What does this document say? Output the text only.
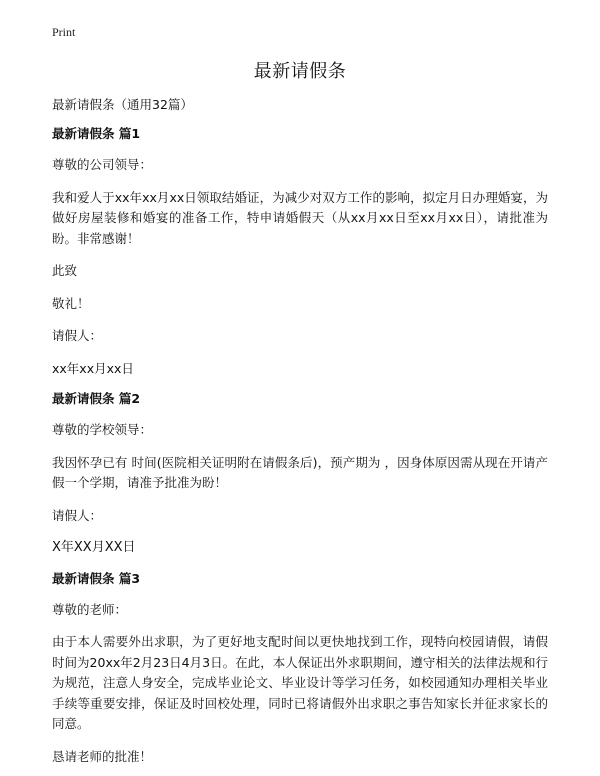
Print

最新请假条

最新请假条（通用32篇）

最新请假条 篇1

尊敬的公司领导：

我和爱人于xx年xx月xx日领取结婚证，为减少对双方工作的影响，拟定月日办理婚宴，为做好房屋装修和婚宴的准备工作，特申请婚假天（从xx月xx日至xx月xx日），请批准为盼。非常感谢！

此致

敬礼！

请假人：

xx年xx月xx日

最新请假条 篇2

尊敬的学校领导：

我因怀孕已有 时间(医院相关证明附在请假条后)，预产期为 ，因身体原因需从现在开请产假一个学期，请准予批准为盼！

请假人：

X年XX月XX日

最新请假条 篇3

尊敬的老师：

由于本人需要外出求职，为了更好地支配时间以更快地找到工作，现特向校园请假，请假时间为20xx年2月23日4月3日。在此，本人保证出外求职期间，遵守相关的法律法规和行为规范，注意人身安全，完成毕业论文、毕业设计等学习任务，如校园通知办理相关毕业手续等重要安排，保证及时回校处理，同时已将请假外出求职之事告知家长并征求家长的同意。

恳请老师的批准！
